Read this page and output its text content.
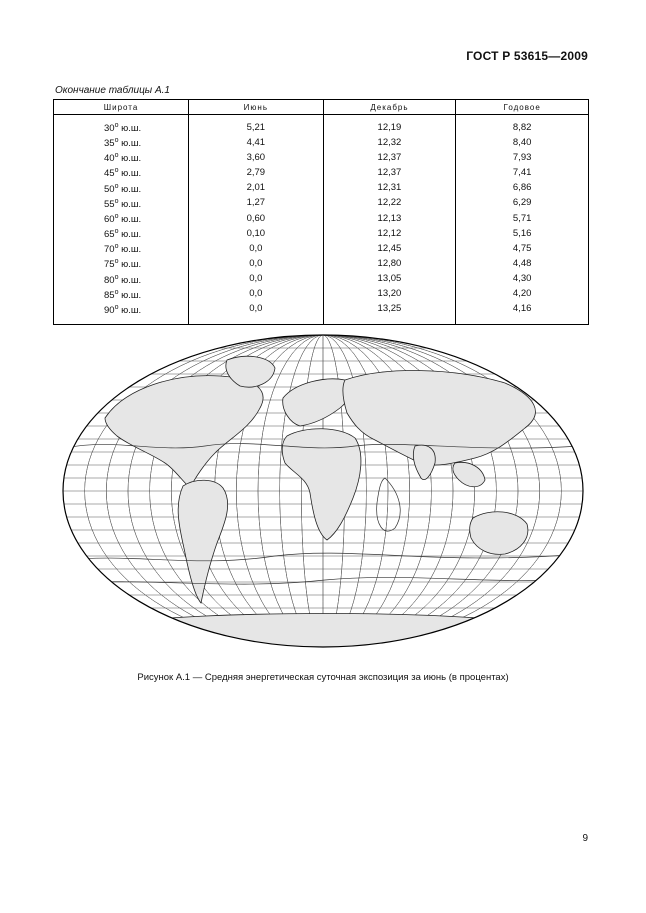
ГОСТ Р 53615—2009
Окончание таблицы А.1
Широта	Июнь	Декабрь	Годовое
$30^о$ ю.ш.	5,21	12,19	8,82
$35^о$ ю.ш.	4,41	12,32	8,40
$40^о$ ю.ш.	3,60	12,37	7,93
$45^о$ ю.ш.	2,79	12,37	7,41
$50^о$ ю.ш.	2,01	12,31	6,86
$55^о$ ю.ш.	1,27	12,22	6,29
$60^о$ ю.ш.	0,60	12,13	5,71
$65^о$ ю.ш.	0,10	12,12	5,16
$70^о$ ю.ш.	0,0	12,45	4,75
$75^о$ ю.ш.	0,0	12,80	4,48
$80^о$ ю.ш.	0,0	13,05	4,30
$85^о$ ю.ш.	0,0	13,20	4,20
$90^о$ ю.ш.	0,0	13,25	4,16
Рисунок А.1 — Средняя энергетическая суточная экспозиция за июнь (в процентах)
9
